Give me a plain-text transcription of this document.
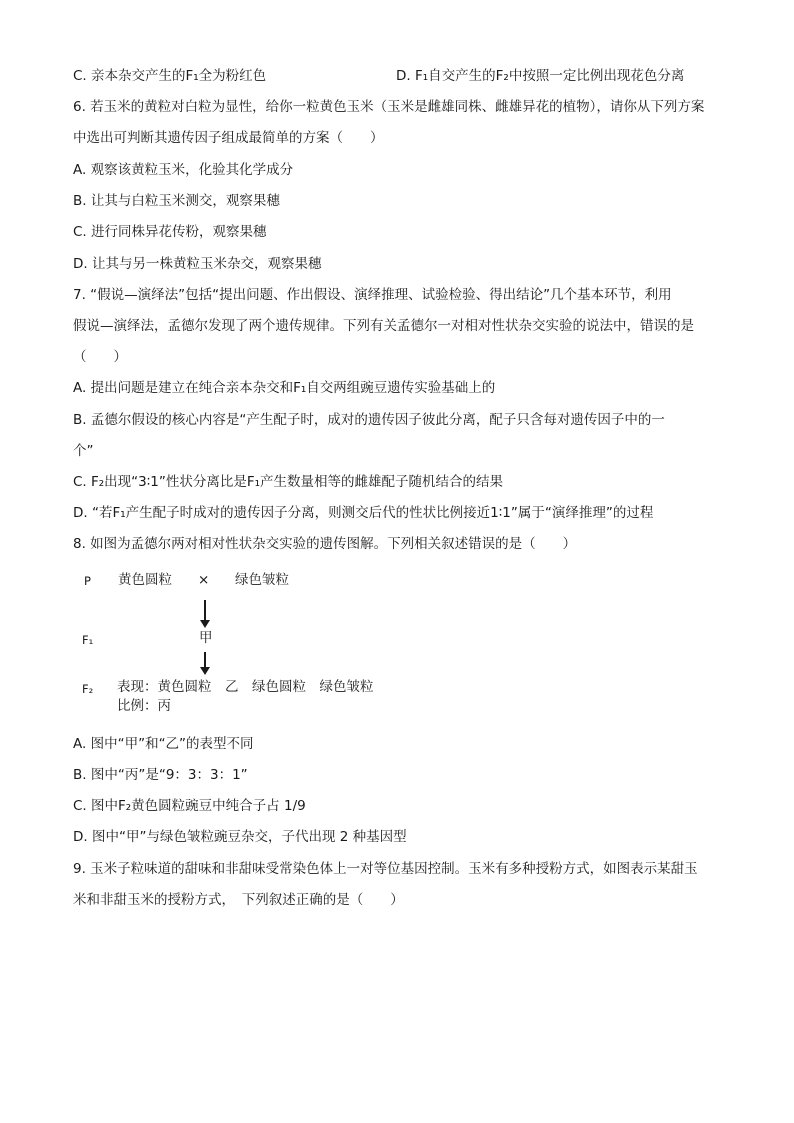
C. 亲本杂交产生的F₁全为粉红色	D. F₁自交产生的F₂中按照一定比例出现花色分离
6. 若玉米的黄粒对白粒为显性，给你一粒黄色玉米（玉米是雌雄同株、雌雄异花的植物），请你从下列方案
中选出可判断其遗传因子组成最简单的方案（　　）
A. 观察该黄粒玉米，化验其化学成分
B. 让其与白粒玉米测交，观察果穗
C. 进行同株异花传粉，观察果穗
D. 让其与另一株黄粒玉米杂交，观察果穗
7. “假说—演绎法”包括“提出问题、作出假设、演绎推理、试验检验、得出结论”几个基本环节，利用
假说—演绎法，孟德尔发现了两个遗传规律。下列有关孟德尔一对相对性状杂交实验的说法中，错误的是
（　　）
A. 提出问题是建立在纯合亲本杂交和F₁自交两组豌豆遗传实验基础上的
B. 孟德尔假设的核心内容是“产生配子时，成对的遗传因子彼此分离，配子只含每对遗传因子中的一
个”
C. F₂出现“3∶1”性状分离比是F₁产生数量相等的雌雄配子随机结合的结果
D. “若F₁产生配子时成对的遗传因子分离，则测交后代的性状比例接近1∶1”属于“演绎推理”的过程
8. 如图为孟德尔两对相对性状杂交实验的遗传图解。下列相关叙述错误的是（　　）
P 黄色圆粒 × 绿色皱粒
F₁	甲
F₂ 表现：黄色圆粒　乙　绿色圆粒　绿色皱粒
比例：丙
A. 图中“甲”和“乙”的表型不同
B. 图中“丙”是“9：3：3：1”
C. 图中F₂黄色圆粒豌豆中纯合子占 1/9
D. 图中“甲”与绿色皱粒豌豆杂交，子代出现 2 种基因型
9. 玉米子粒味道的甜味和非甜味受常染色体上一对等位基因控制。玉米有多种授粉方式，如图表示某甜玉
米和非甜玉米的授粉方式，　下列叙述正确的是（　　）
